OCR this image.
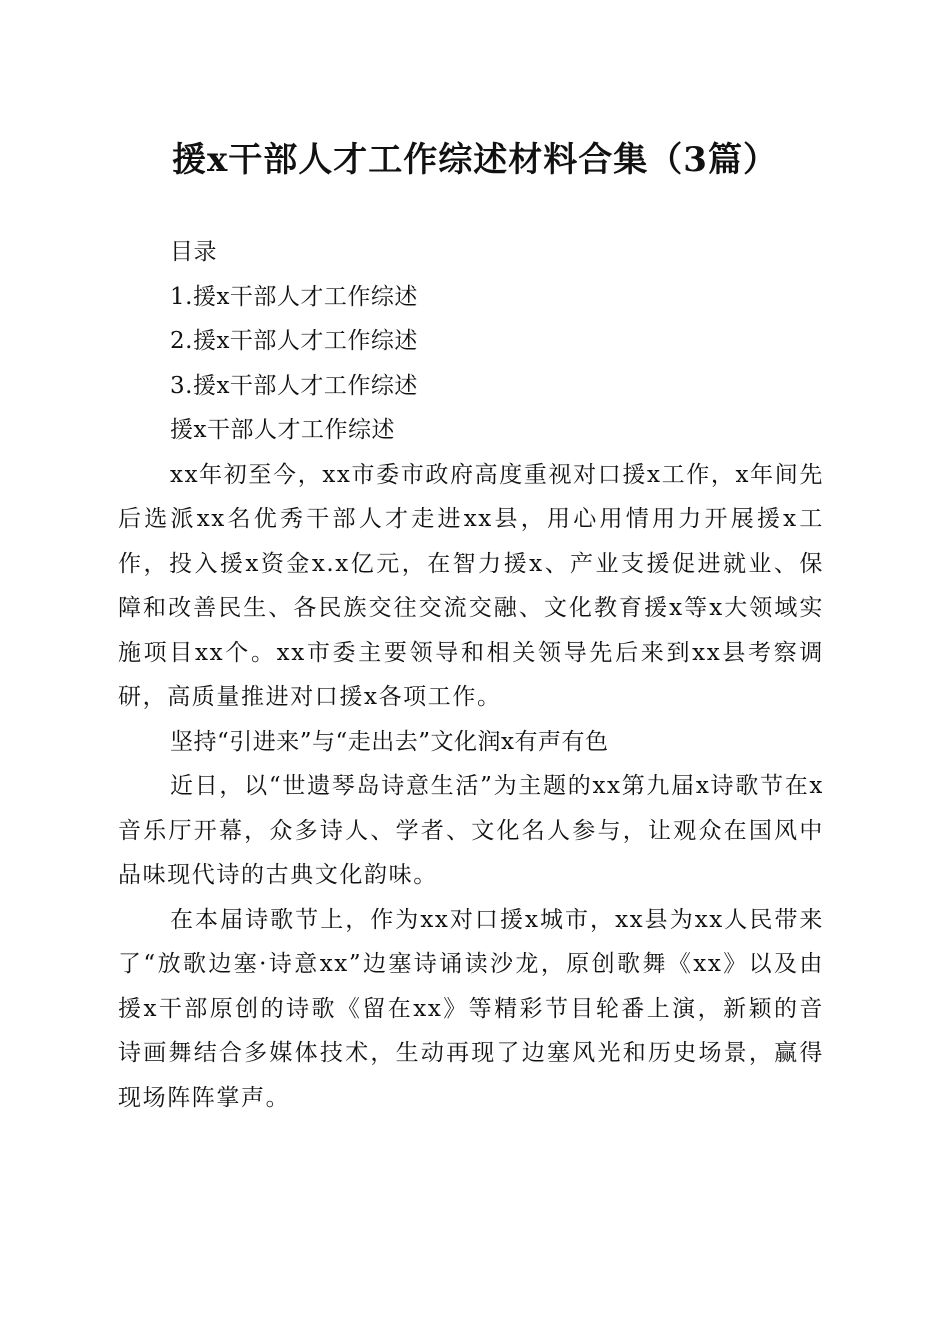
援x干部人才工作综述材料合集（3篇）

目录

1.援x干部人才工作综述

2.援x干部人才工作综述

3.援x干部人才工作综述

援x干部人才工作综述

xx年初至今，xx市委市政府高度重视对口援x工作，x年间先后选派xx名优秀干部人才走进xx县，用心用情用力开展援x工作，投入援x资金x.x亿元，在智力援x、产业支援促进就业、保障和改善民生、各民族交往交流交融、文化教育援x等x大领域实施项目xx个。xx市委主要领导和相关领导先后来到xx县考察调研，高质量推进对口援x各项工作。

坚持“引进来”与“走出去”文化润x有声有色

近日，以“世遗琴岛诗意生活”为主题的xx第九届x诗歌节在x音乐厅开幕，众多诗人、学者、文化名人参与，让观众在国风中品味现代诗的古典文化韵味。

在本届诗歌节上，作为xx对口援x城市，xx县为xx人民带来了“放歌边塞·诗意xx”边塞诗诵读沙龙，原创歌舞《xx》以及由援x干部原创的诗歌《留在xx》等精彩节目轮番上演，新颖的音诗画舞结合多媒体技术，生动再现了边塞风光和历史场景，赢得现场阵阵掌声。
